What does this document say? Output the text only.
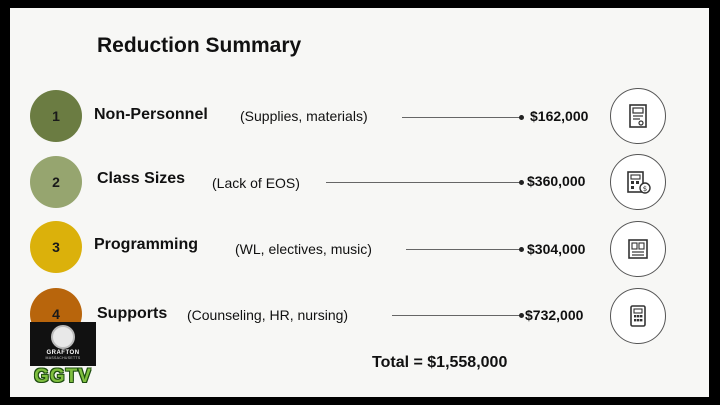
Reduction Summary
1 Non-Personnel (Supplies, materials)	$162,000
2 Class Sizes (Lack of EOS)	$360,000	$
3 Programming	(WL, electives, music)	$304,000
4 Supports (Counseling, HR, nursing)	$732,000
Total = $1,558,000
GRAFTON
MASSACHUSETTS
GGTV
